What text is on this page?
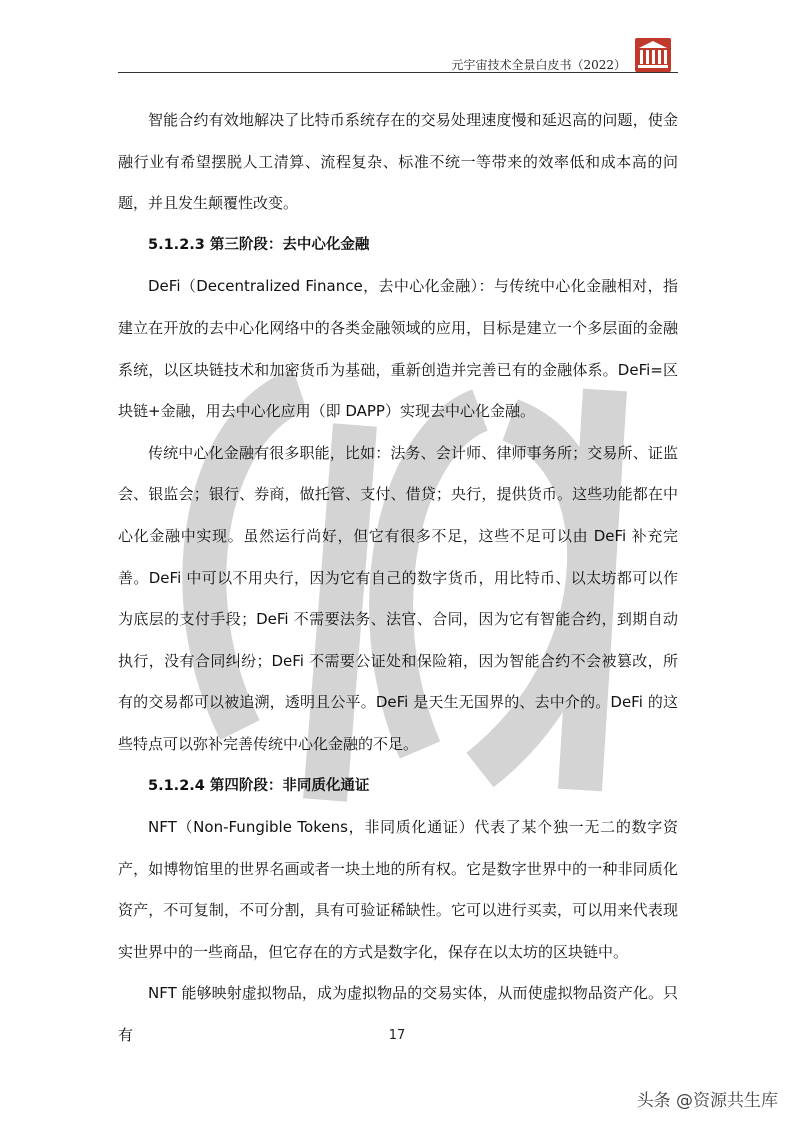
元宇宙技术全景白皮书（2022）

智能合约有效地解决了比特币系统存在的交易处理速度慢和延迟高的问题，使金融行业有希望摆脱人工清算、流程复杂、标准不统一等带来的效率低和成本高的问题，并且发生颠覆性改变。

5.1.2.3 第三阶段：去中心化金融

DeFi（Decentralized Finance，去中心化金融）：与传统中心化金融相对，指建立在开放的去中心化网络中的各类金融领域的应用，目标是建立一个多层面的金融系统，以区块链技术和加密货币为基础，重新创造并完善已有的金融体系。DeFi=区块链+金融，用去中心化应用（即 DAPP）实现去中心化金融。

传统中心化金融有很多职能，比如：法务、会计师、律师事务所；交易所、证监会、银监会；银行、券商，做托管、支付、借贷；央行，提供货币。这些功能都在中心化金融中实现。虽然运行尚好，但它有很多不足，这些不足可以由 DeFi 补充完善。DeFi 中可以不用央行，因为它有自己的数字货币，用比特币、以太坊都可以作为底层的支付手段；DeFi 不需要法务、法官、合同，因为它有智能合约，到期自动执行，没有合同纠纷；DeFi 不需要公证处和保险箱，因为智能合约不会被篡改，所有的交易都可以被追溯，透明且公平。DeFi 是天生无国界的、去中介的。DeFi 的这些特点可以弥补完善传统中心化金融的不足。

5.1.2.4 第四阶段：非同质化通证

NFT（Non-Fungible Tokens，非同质化通证）代表了某个独一无二的数字资产，如博物馆里的世界名画或者一块土地的所有权。它是数字世界中的一种非同质化资产，不可复制，不可分割，具有可验证稀缺性。它可以进行买卖，可以用来代表现实世界中的一些商品，但它存在的方式是数字化，保存在以太坊的区块链中。

NFT 能够映射虚拟物品，成为虚拟物品的交易实体，从而使虚拟物品资产化。只有	17
头条 @资源共生库
